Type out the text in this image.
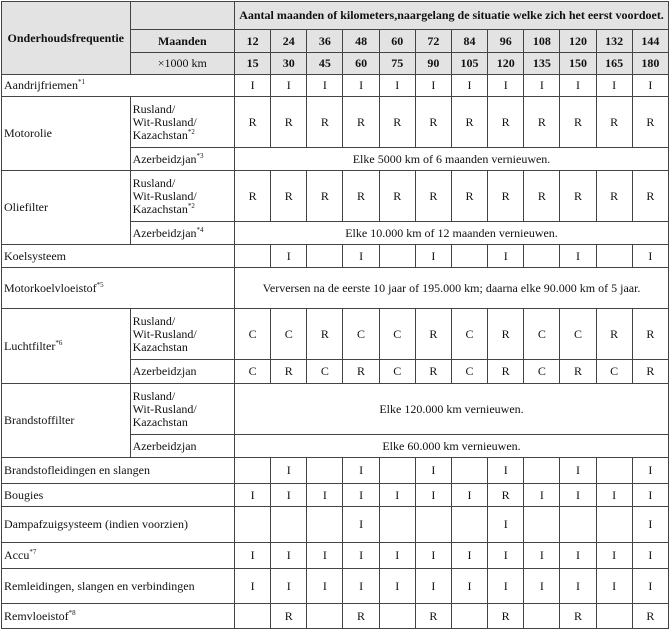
Onderhoudsfrequentie		Aantal maanden of kilometers,naargelang de situatie welke zich het eerst voordoet.											
	Maanden	12	24	36	48	60	72	84	96	108	120	132	144
	×1000 km	15	30	45	60	75	90	105	120	135	150	165	180
Aandrijfriemen$^{*1}$		I	I	I	I	I	I	I	I	I	I	I	I
Motorolie	Rusland/
Wit-Rusland/
Kazachstan$^{*2}$	R	R	R	R	R	R	R	R	R	R	R	R
	Azerbeidzjan$^{*3}$	Elke 5000 km of 6 maanden vernieuwen.											
Oliefilter	Rusland/
Wit-Rusland/
Kazachstan$^{*2}$	R	R	R	R	R	R	R	R	R	R	R	R
	Azerbeidzjan$^{*4}$	Elke 10.000 km of 12 maanden vernieuwen.											
Koelsysteem			I		I		I		I		I		I
Motorkoelvloeistof$^{*5}$		Verversen na de eerste 10 jaar of 195.000 km; daarna elke 90.000 km of 5 jaar.											
Luchtfilter$^{*6}$	Rusland/
Wit-Rusland/
Kazachstan	C	C	R	C	C	R	C	R	C	C	R	R
	Azerbeidzjan	C	R	C	R	C	R	C	R	C	R	C	R
Brandstoffilter	Rusland/
Wit-Rusland/
Kazachstan	Elke 120.000 km vernieuwen.											
	Azerbeidzjan	Elke 60.000 km vernieuwen.											
Brandstofleidingen en slangen			I		I		I		I		I		I
Bougies		I	I	I	I	I	I	I	R	I	I	I	I
Dampafzuigsysteem (indien voorzien)					I				I				I
Accu$^{*7}$		I	I	I	I	I	I	I	I	I	I	I	I
Remleidingen, slangen en verbindingen		I	I	I	I	I	I	I	I	I	I	I	I
Remvloeistof$^{*8}$			R		R		R		R		R		R
